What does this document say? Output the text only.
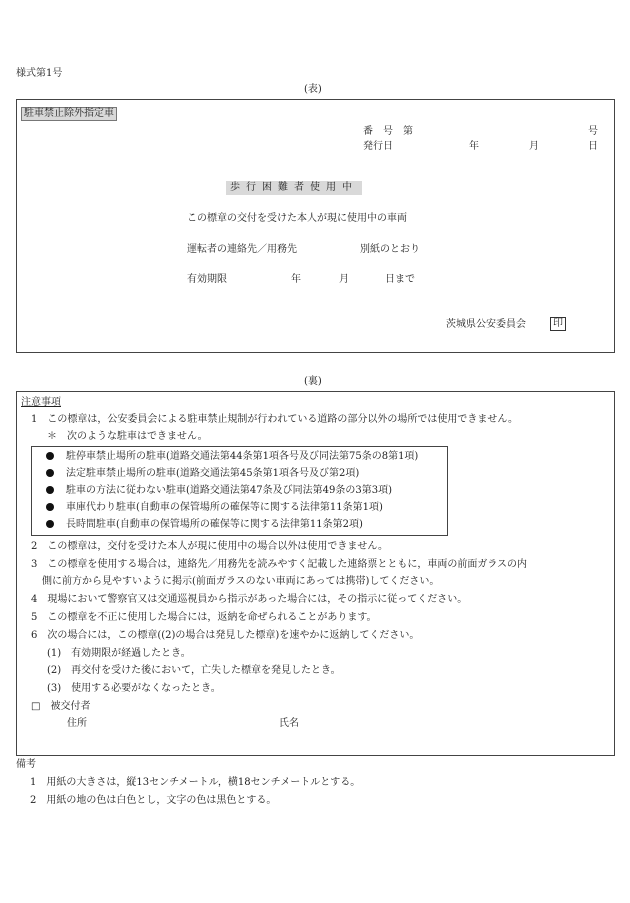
様式第1号
(表)
駐車禁止除外指定車
番　号　第	号
発行日	年	月	日
歩行困難者使用中
この標章の交付を受けた本人が現に使用中の車両
運転者の連絡先／用務先	別紙のとおり
有効期限	年	月	日まで
茨城県公安委員会	印
(裏)
注意事項
1　この標章は，公安委員会による駐車禁止規制が行われている道路の部分以外の場所では使用できません。
＊　次のような駐車はできません。
駐停車禁止場所の駐車(道路交通法第44条第1項各号及び同法第75条の8第1項)
法定駐車禁止場所の駐車(道路交通法第45条第1項各号及び第2項)
駐車の方法に従わない駐車(道路交通法第47条及び同法第49条の3第3項)
車庫代わり駐車(自動車の保管場所の確保等に関する法律第11条第1項)
長時間駐車(自動車の保管場所の確保等に関する法律第11条第2項)
2　この標章は，交付を受けた本人が現に使用中の場合以外は使用できません。
3　この標章を使用する場合は，連絡先／用務先を読みやすく記載した連絡票とともに，車両の前面ガラスの内
側に前方から見やすいように掲示(前面ガラスのない車両にあっては携帯)してください。
4　現場において警察官又は交通巡視員から指示があった場合には，その指示に従ってください。
5　この標章を不正に使用した場合には，返納を命ぜられることがあります。
6　次の場合には，この標章((2)の場合は発見した標章)を速やかに返納してください。
(1)　有効期限が経過したとき。
(2)　再交付を受けた後において，亡失した標章を発見したとき。
(3)　使用する必要がなくなったとき。
□　被交付者
住所	氏名
備考
1　用紙の大きさは，縦13センチメートル，横18センチメートルとする。
2　用紙の地の色は白色とし，文字の色は黒色とする。
